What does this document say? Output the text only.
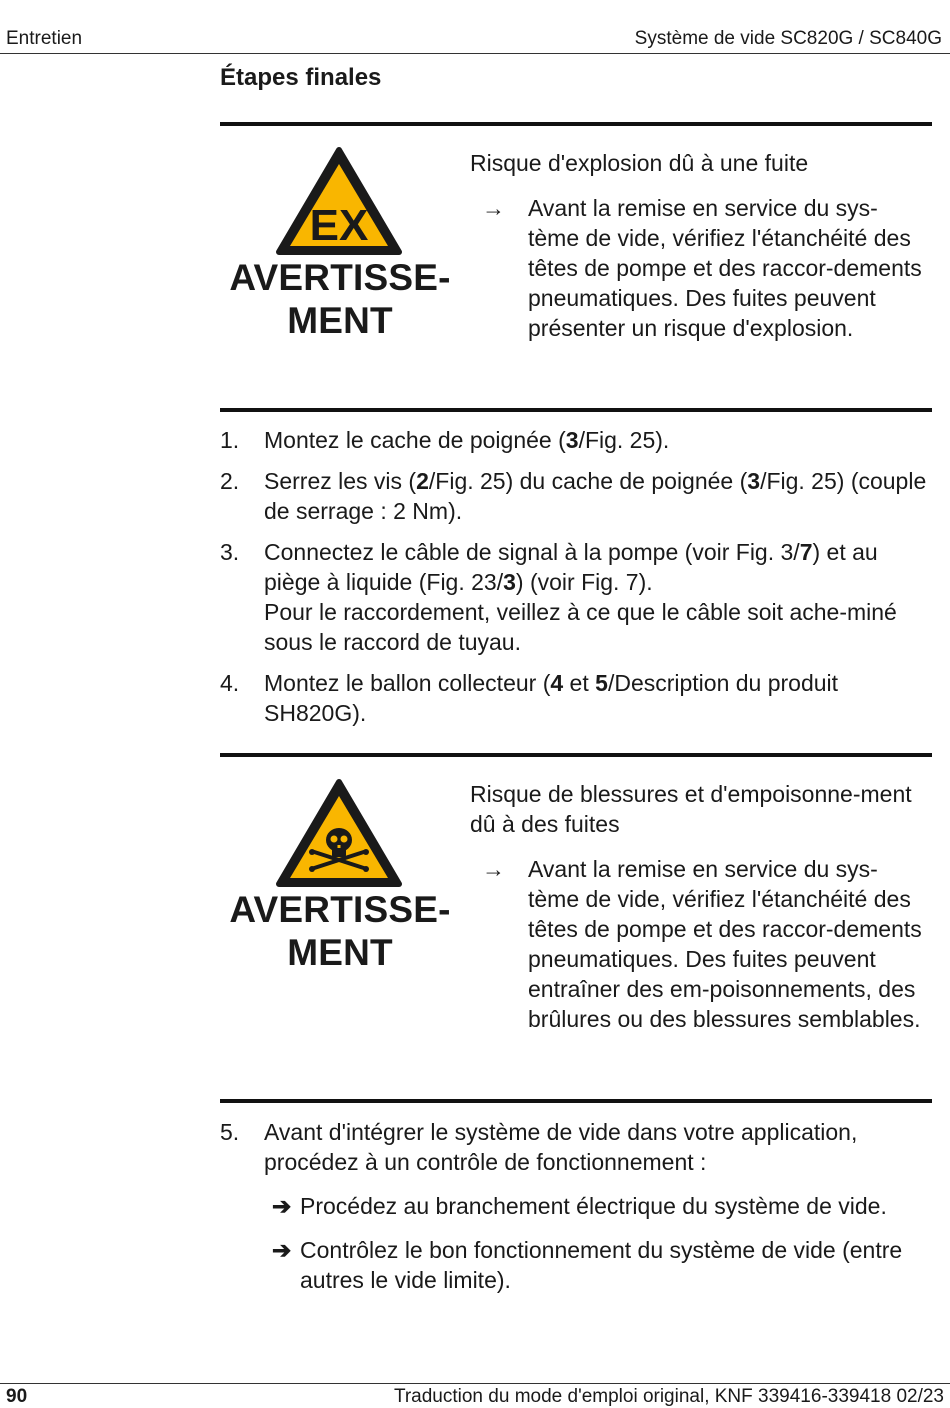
Entretien	Système de vide SC820G / SC840G
Étapes finales
EX
AVERTISSE-
MENT
Risque d'explosion dû à une fuite
→	Avant la remise en service du sys-tème de vide, vérifiez l'étanchéité des têtes de pompe et des raccor-dements pneumatiques. Des fuites peuvent présenter un risque d'explosion.
1. Montez le cache de poignée (3/Fig. 25).
2. Serrez les vis (2/Fig. 25) du cache de poignée (3/Fig. 25) (couple de serrage : 2 Nm).
3. Connectez le câble de signal à la pompe (voir Fig. 3/7) et au piège à liquide (Fig. 23/3) (voir Fig. 7).
Pour le raccordement, veillez à ce que le câble soit ache-miné sous le raccord de tuyau.
4. Montez le ballon collecteur (4 et 5/Description du produit SH820G).
AVERTISSE-
MENT
Risque de blessures et d'empoisonne-ment dû à des fuites
→	Avant la remise en service du sys-tème de vide, vérifiez l'étanchéité des têtes de pompe et des raccor-dements pneumatiques. Des fuites peuvent entraîner des em-poisonnements, des brûlures ou des blessures semblables.
5. Avant d'intégrer le système de vide dans votre application, procédez à un contrôle de fonctionnement :
➔ Procédez au branchement électrique du système de vide.
➔ Contrôlez le bon fonctionnement du système de vide (entre autres le vide limite).
90	Traduction du mode d'emploi original, KNF 339416-339418 02/23
